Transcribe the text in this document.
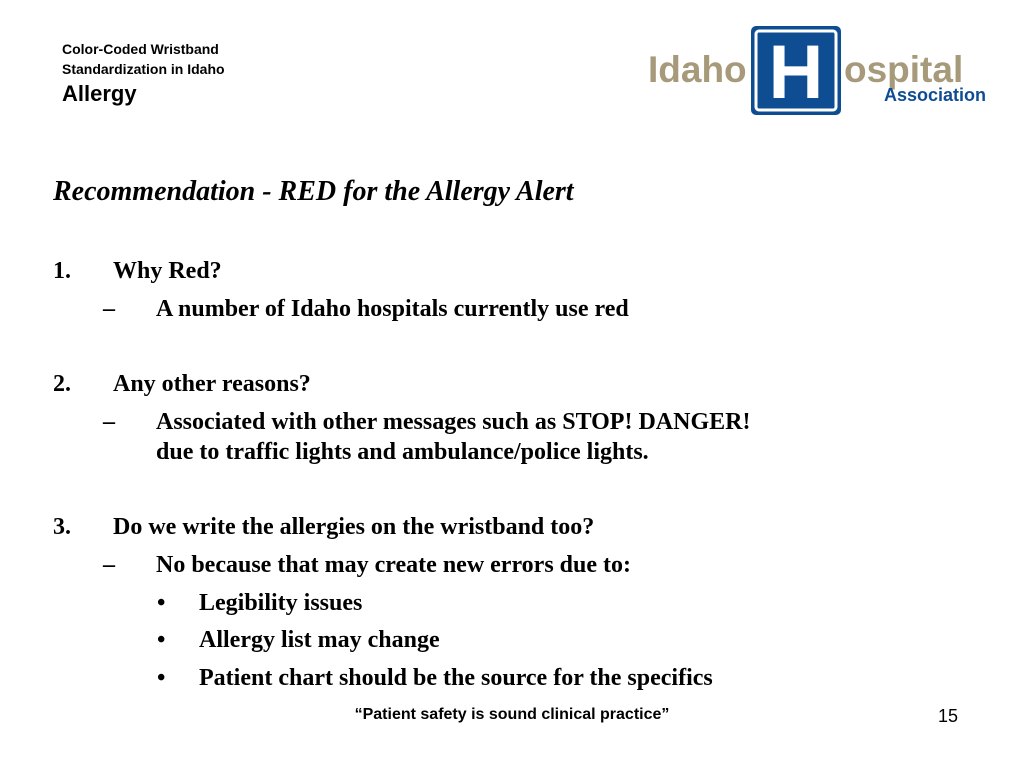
Color-Coded Wristband
Standardization in Idaho
Allergy
Idaho H ospital
Association
Recommendation - RED for the Allergy Alert
1. Why Red?
– A number of Idaho hospitals currently use red
2. Any other reasons?
– Associated with other messages such as STOP! DANGER!
due to traffic lights and ambulance/police lights.
3. Do we write the allergies on the wristband too?
– No because that may create new errors due to:
• Legibility issues
• Allergy list may change
• Patient chart should be the source for the specifics
“Patient safety is sound clinical practice”	15
